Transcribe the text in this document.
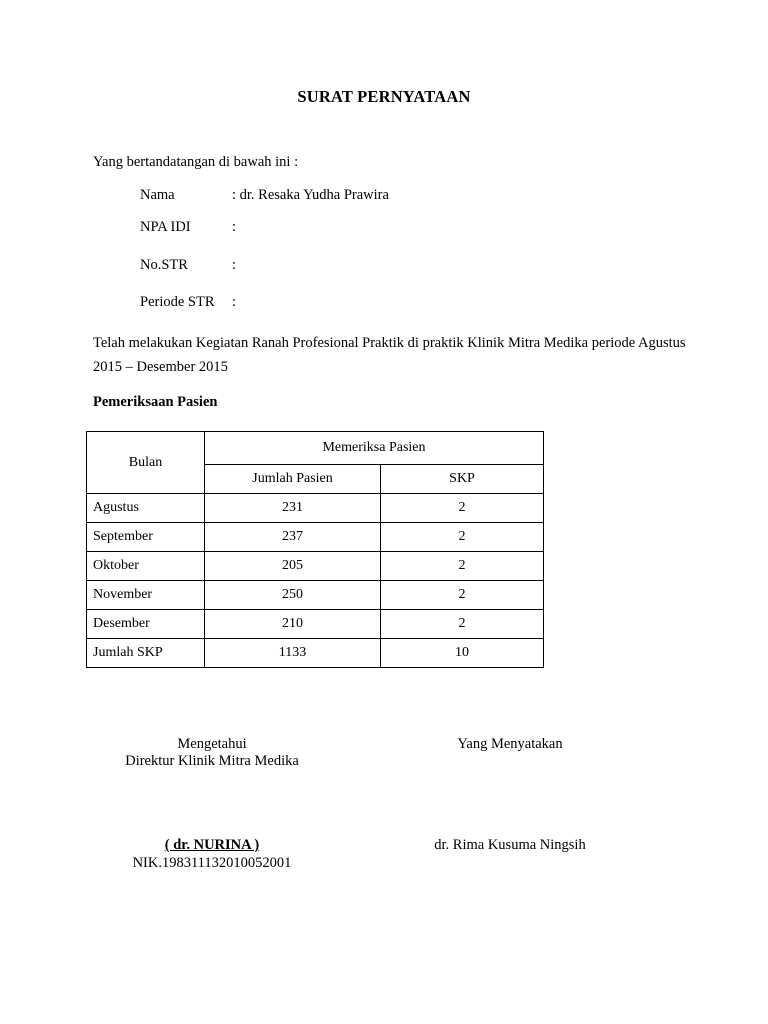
SURAT PERNYATAAN
Yang bertandatangan di bawah ini :
Nama	: dr. Resaka Yudha Prawira
NPA IDI	:
No.STR	:
Periode STR :
Telah melakukan Kegiatan Ranah Profesional Praktik di praktik Klinik Mitra Medika periode Agustus 2015 – Desember 2015
Pemeriksaan Pasien
Bulan	Memeriksa Pasien	
	Jumlah Pasien	SKP
Agustus	231	2
September	237	2
Oktober	205	2
November	250	2
Desember	210	2
Jumlah SKP	1133	10
Mengetahui
Direktur Klinik Mitra Medika
Yang Menyatakan
( dr. NURINA )
NIK.198311132010052001
dr. Rima Kusuma Ningsih
